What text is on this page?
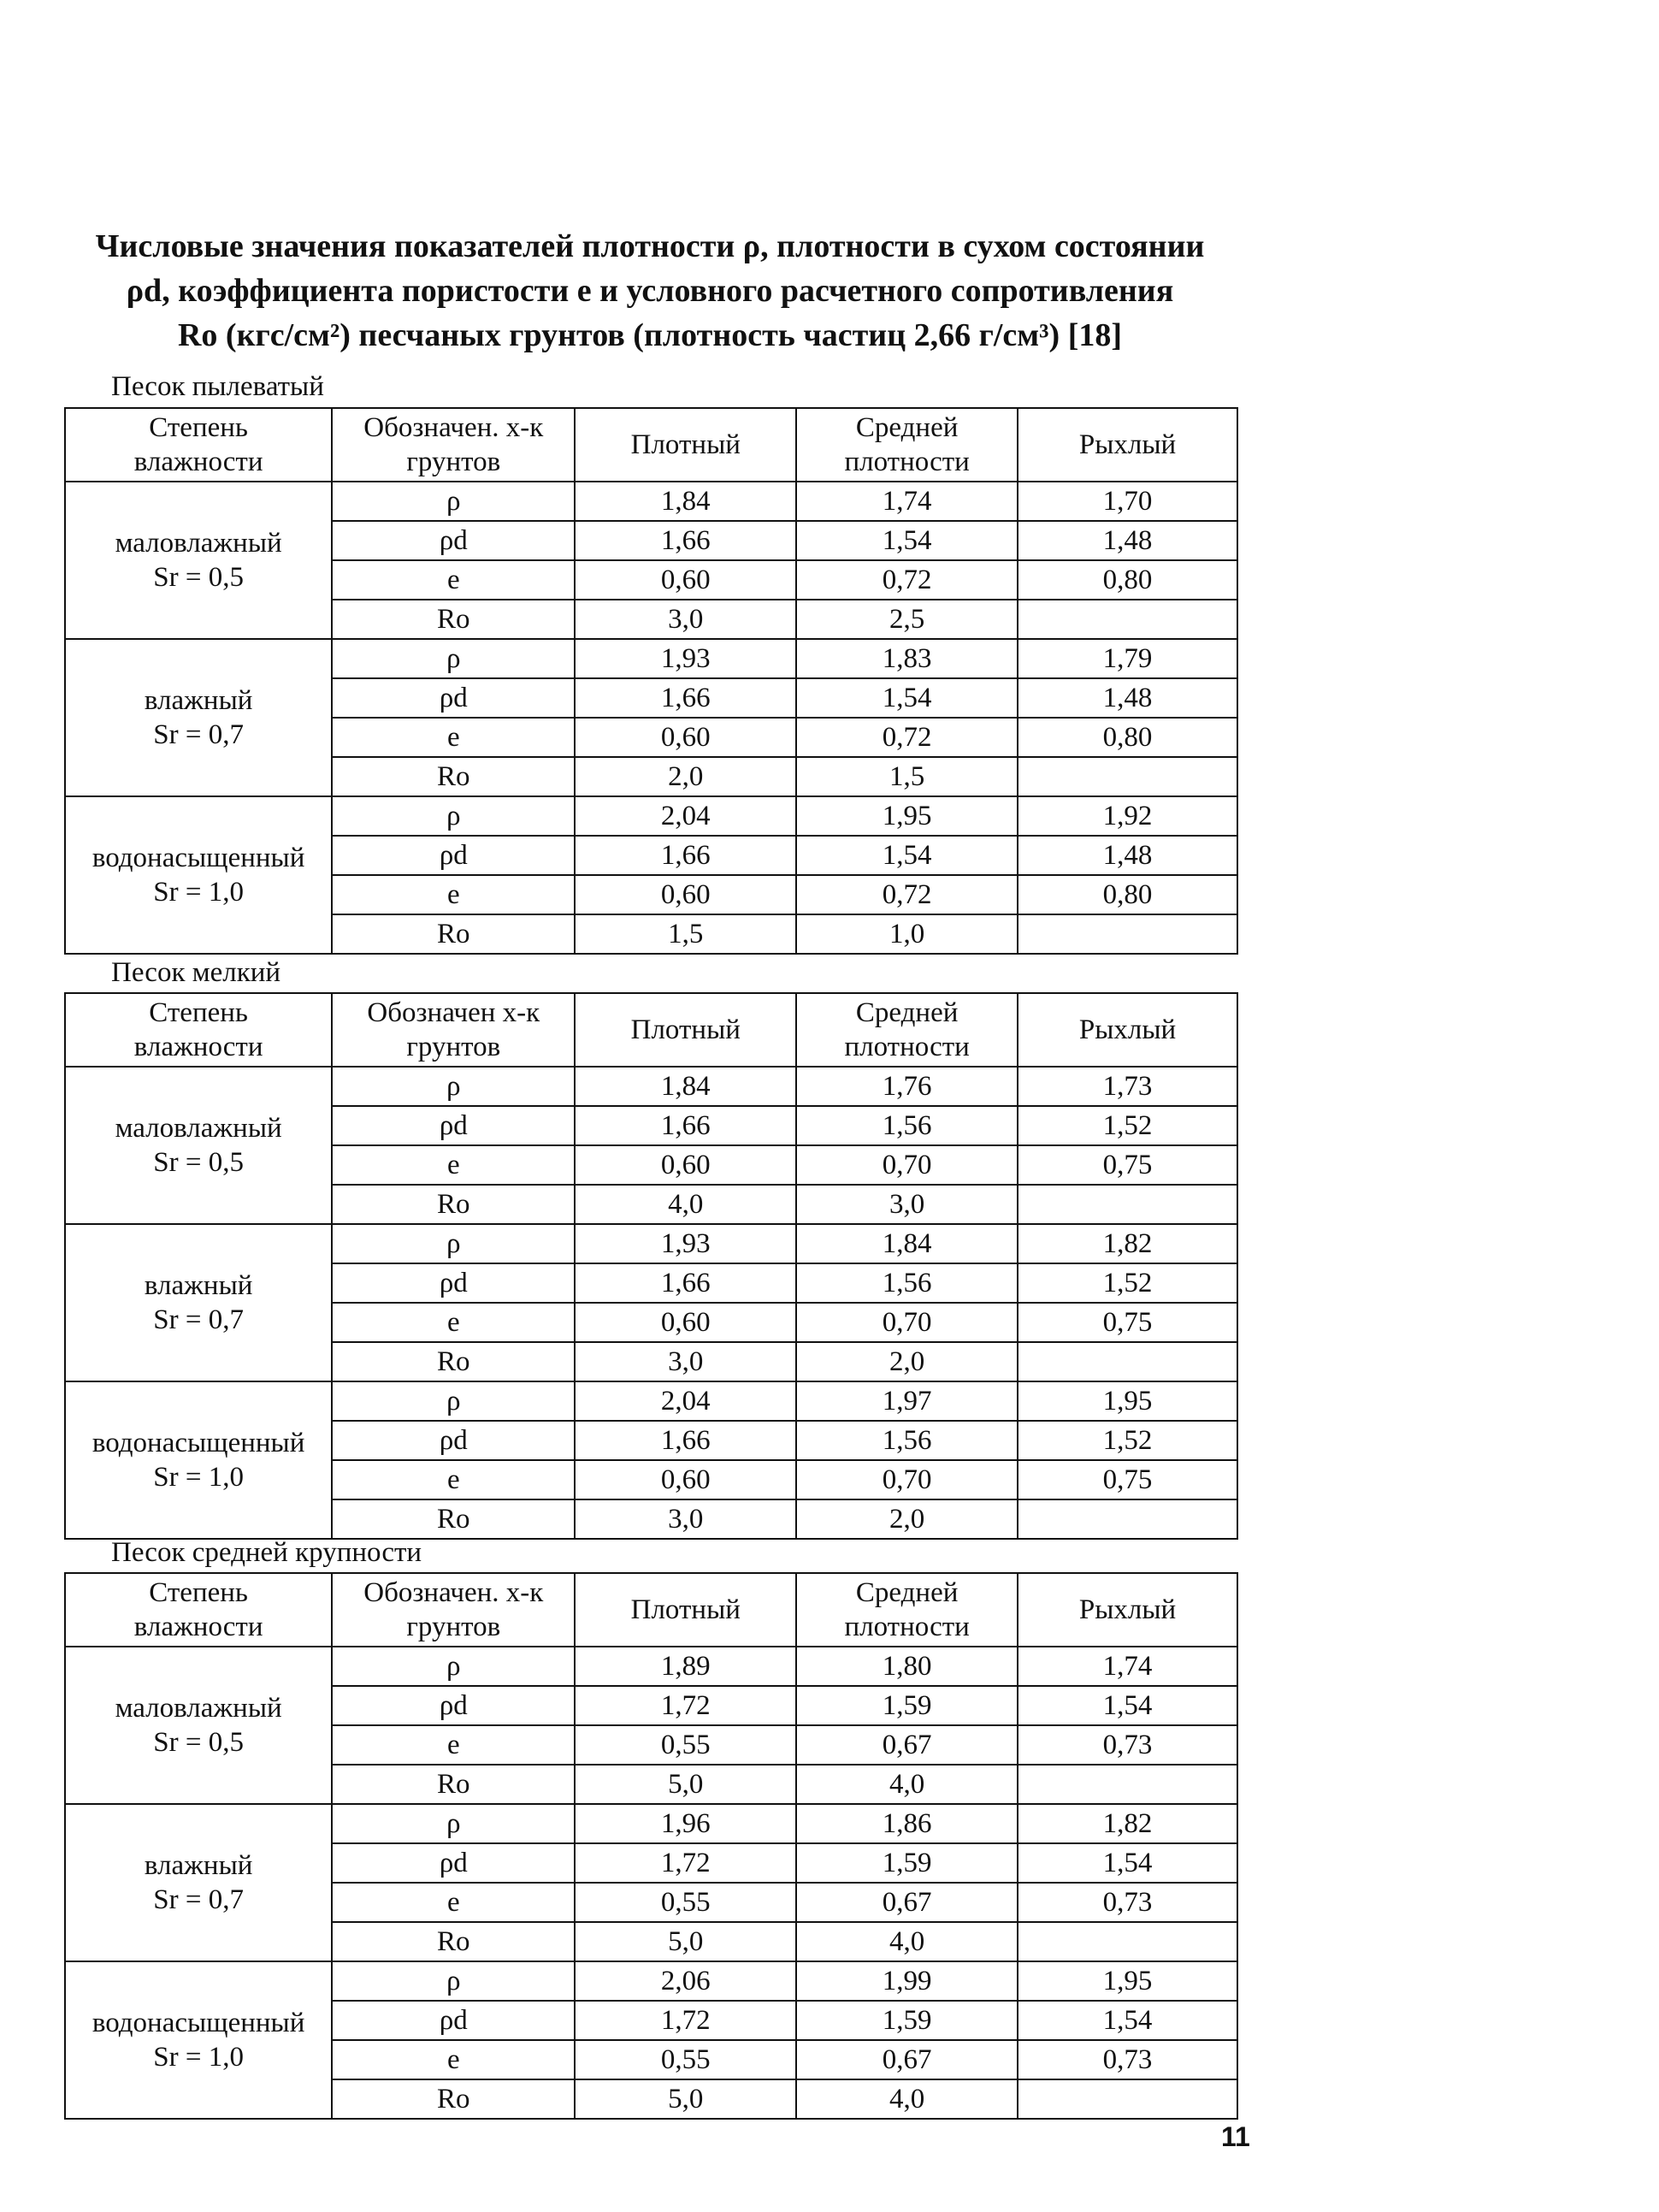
Числовые значения показателей плотности ρ, плотности в сухом состоянии
ρd, коэффициента пористости е и условного расчетного сопротивления
Rо (кгс/см²) песчаных грунтов (плотность частиц 2,66 г/см³) [18]
Песок пылеватый
Степень влажности	Обозначен. х-к грунтов	Плотный	Средней плотности	Рыхлый

маловлажный
Sr = 0,5	ρ	1,84	1,74	1,70
	ρd	1,66	1,54	1,48
	е	0,60	0,72	0,80
	Rо	3,0	2,5	

влажный
Sr = 0,7	ρ	1,93	1,83	1,79
	ρd	1,66	1,54	1,48
	е	0,60	0,72	0,80
	Rо	2,0	1,5	

водонасыщенный
Sr = 1,0	ρ	2,04	1,95	1,92
	ρd	1,66	1,54	1,48
	е	0,60	0,72	0,80
	Rо	1,5	1,0	
Песок мелкий
Степень влажности	Обозначен х-к грунтов	Плотный	Средней плотности	Рыхлый

маловлажный
Sr = 0,5	ρ	1,84	1,76	1,73
	ρd	1,66	1,56	1,52
	е	0,60	0,70	0,75
	Rо	4,0	3,0	

влажный
Sr = 0,7	ρ	1,93	1,84	1,82
	ρd	1,66	1,56	1,52
	е	0,60	0,70	0,75
	Rо	3,0	2,0	

водонасыщенный
Sr = 1,0	ρ	2,04	1,97	1,95
	ρd	1,66	1,56	1,52
	е	0,60	0,70	0,75
	Rо	3,0	2,0	
Песок средней крупности
Степень влажности	Обозначен. х-к грунтов	Плотный	Средней плотности	Рыхлый

маловлажный
Sr = 0,5	ρ	1,89	1,80	1,74
	ρd	1,72	1,59	1,54
	е	0,55	0,67	0,73
	Rо	5,0	4,0	

влажный
Sr = 0,7	ρ	1,96	1,86	1,82
	ρd	1,72	1,59	1,54
	е	0,55	0,67	0,73
	Rо	5,0	4,0	

водонасыщенный
Sr = 1,0	ρ	2,06	1,99	1,95
	ρd	1,72	1,59	1,54
	е	0,55	0,67	0,73
	Rо	5,0	4,0	
11
